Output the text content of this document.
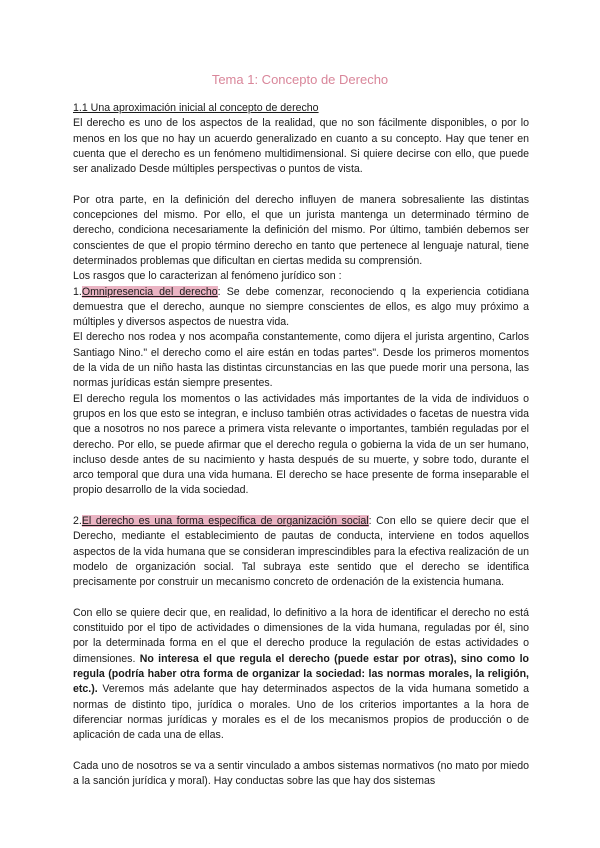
Tema 1: Concepto de Derecho

1.1 Una aproximación inicial al concepto de derecho

El derecho es uno de los aspectos de la realidad, que no son fácilmente disponibles, o por lo menos en los que no hay un acuerdo generalizado en cuanto a su concepto. Hay que tener en cuenta que el derecho es un fenómeno multidimensional. Si quiere decirse con ello, que puede ser analizado Desde múltiples perspectivas o puntos de vista.

Por otra parte, en la definición del derecho influyen de manera sobresaliente las distintas concepciones del mismo. Por ello, el que un jurista mantenga un determinado término de derecho, condiciona necesariamente la definición del mismo. Por último, también debemos ser conscientes de que el propio término derecho en tanto que pertenece al lenguaje natural, tiene determinados problemas que dificultan en ciertas medida su comprensión.

Los rasgos que lo caracterizan al fenómeno jurídico son :

1.Omnipresencia del derecho: Se debe comenzar, reconociendo q la experiencia cotidiana demuestra que el derecho, aunque no siempre conscientes de ellos, es algo muy próximo a múltiples y diversos aspectos de nuestra vida.

El derecho nos rodea y nos acompaña constantemente, como dijera el jurista argentino, Carlos Santiago Nino." el derecho como el aire están en todas partes". Desde los primeros momentos de la vida de un niño hasta las distintas circunstancias en las que puede morir una persona, las normas jurídicas están siempre presentes.

El derecho regula los momentos o las actividades más importantes de la vida de individuos o grupos en los que esto se integran, e incluso también otras actividades o facetas de nuestra vida que a nosotros no nos parece a primera vista relevante o importantes, también reguladas por el derecho. Por ello, se puede afirmar que el derecho regula o gobierna la vida de un ser humano, incluso desde antes de su nacimiento y hasta después de su muerte, y sobre todo, durante el arco temporal que dura una vida humana. El derecho se hace presente de forma inseparable el propio desarrollo de la vida sociedad.

2.El derecho es una forma específica de organización social: Con ello se quiere decir que el Derecho, mediante el establecimiento de pautas de conducta, interviene en todos aquellos aspectos de la vida humana que se consideran imprescindibles para la efectiva realización de un modelo de organización social. Tal subraya este sentido que el derecho se identifica precisamente por construir un mecanismo concreto de ordenación de la existencia humana.

Con ello se quiere decir que, en realidad, lo definitivo a la hora de identificar el derecho no está constituido por el tipo de actividades o dimensiones de la vida humana, reguladas por él, sino por la determinada forma en el que el derecho produce la regulación de estas actividades o dimensiones. No interesa el que regula el derecho (puede estar por otras), sino como lo regula (podría haber otra forma de organizar la sociedad: las normas morales, la religión, etc.). Veremos más adelante que hay determinados aspectos de la vida humana sometido a normas de distinto tipo, jurídica o morales. Uno de los criterios importantes a la hora de diferenciar normas jurídicas y morales es el de los mecanismos propios de producción o de aplicación de cada una de ellas.

Cada uno de nosotros se va a sentir vinculado a ambos sistemas normativos (no mato por miedo a la sanción jurídica y moral). Hay conductas sobre las que hay dos sistemas
